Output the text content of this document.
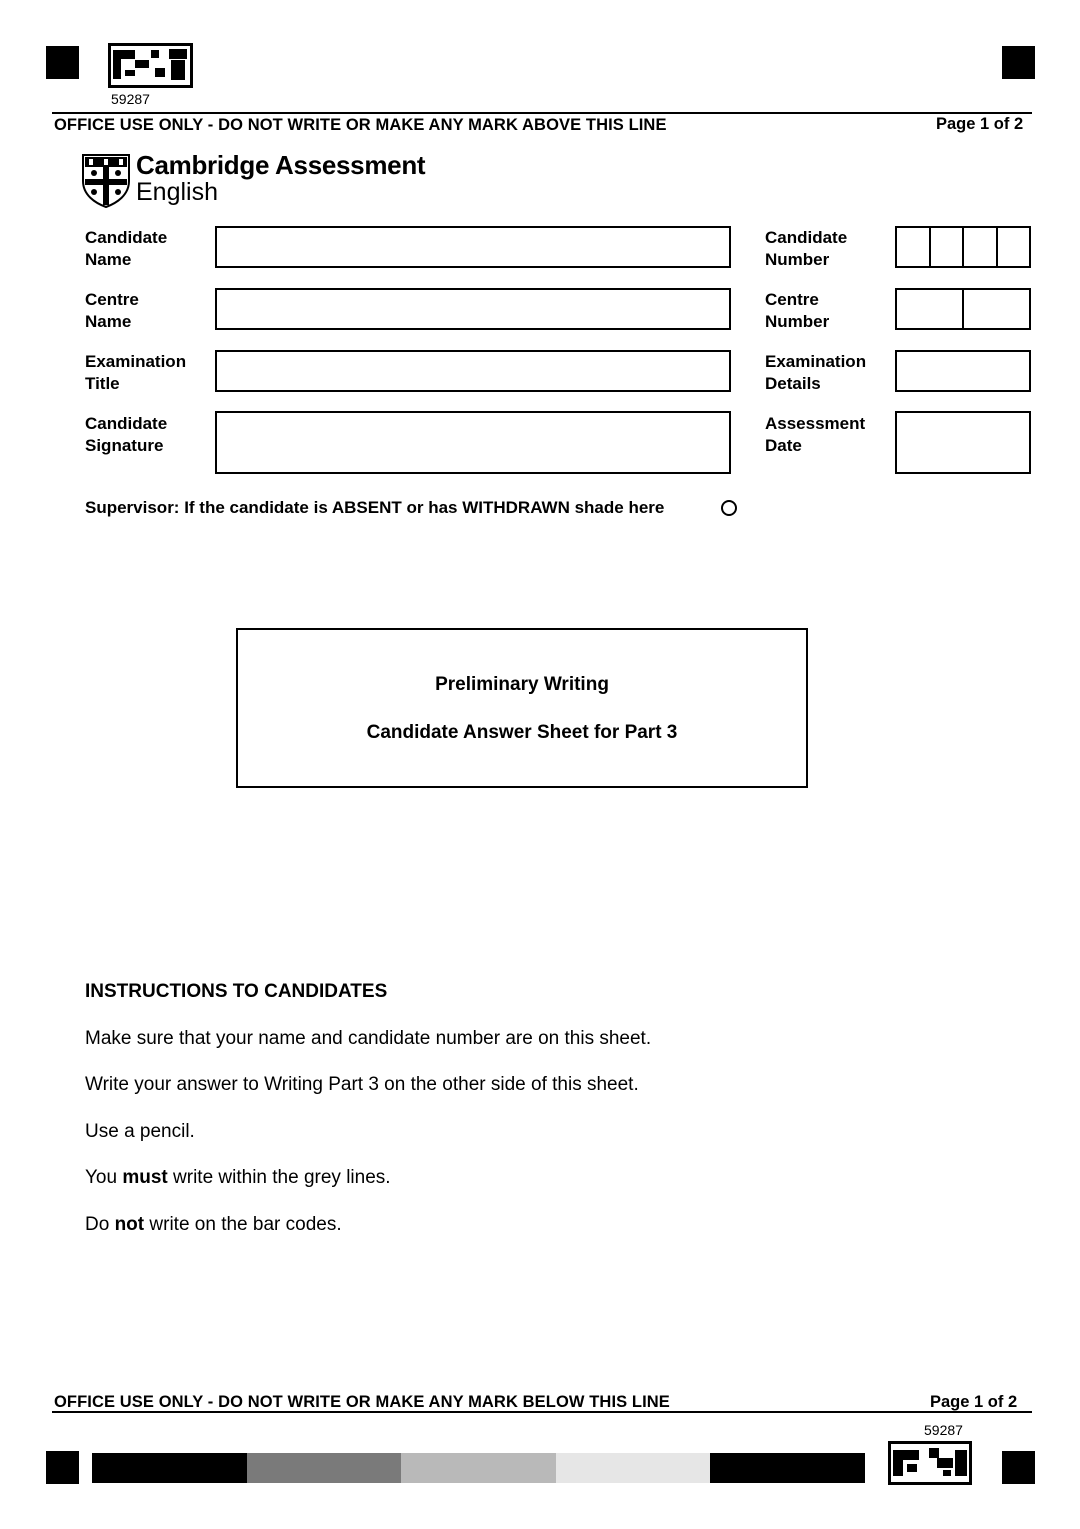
59287
OFFICE USE ONLY - DO NOT WRITE OR MAKE ANY MARK ABOVE THIS LINE	Page 1 of 2
Cambridge Assessment
English
Candidate
Name
Centre
Name
Examination
Title
Candidate
Signature
Candidate
Number
Centre
Number
Examination
Details
Assessment
Date
Supervisor: If the candidate is ABSENT or has WITHDRAWN shade here
Preliminary Writing
Candidate Answer Sheet for Part 3
INSTRUCTIONS TO CANDIDATES
Make sure that your name and candidate number are on this sheet.
Write your answer to Writing Part 3 on the other side of this sheet.
Use a pencil.
You must write within the grey lines.
Do not write on the bar codes.
OFFICE USE ONLY - DO NOT WRITE OR MAKE ANY MARK BELOW THIS LINE	Page 1 of 2
59287
